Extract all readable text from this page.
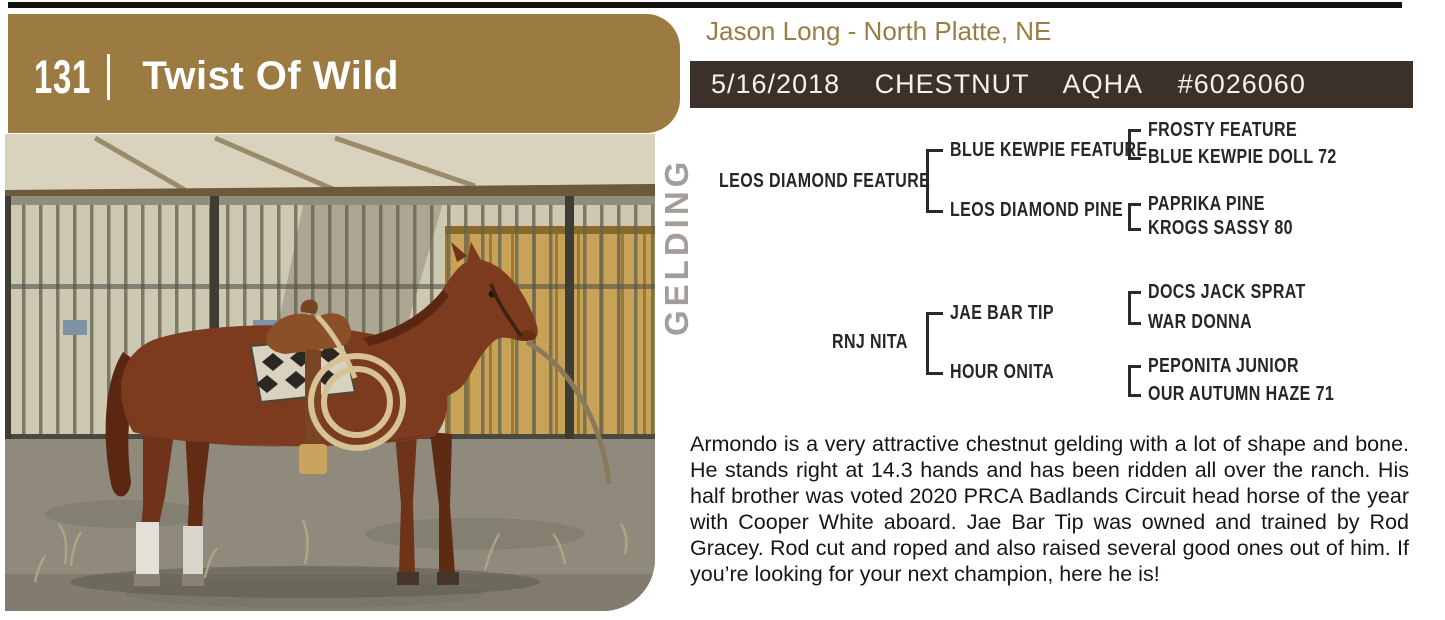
131 Twist Of Wild
Jason Long - North Platte, NE
5/16/2018 CHESTNUT AQHA #6026060
GELDING	LEOS DIAMOND FEATURE
BLUE KEWPIE FEATURE
LEOS DIAMOND PINE
FROSTY FEATURE
BLUE KEWPIE DOLL 72
PAPRIKA PINE
KROGS SASSY 80
RNJ NITA
JAE BAR TIP
HOUR ONITA
DOCS JACK SPRAT
WAR DONNA
PEPONITA JUNIOR
OUR AUTUMN HAZE 71
Armondo is a very attractive chestnut gelding with a lot of shape and bone. He stands right at 14.3 hands and has been ridden all over the ranch. His half brother was voted 2020 PRCA Badlands Circuit head horse of the year with Cooper White aboard. Jae Bar Tip was owned and trained by Rod Gracey. Rod cut and roped and also raised several good ones out of him. If you’re looking for your next champion, here he is!
